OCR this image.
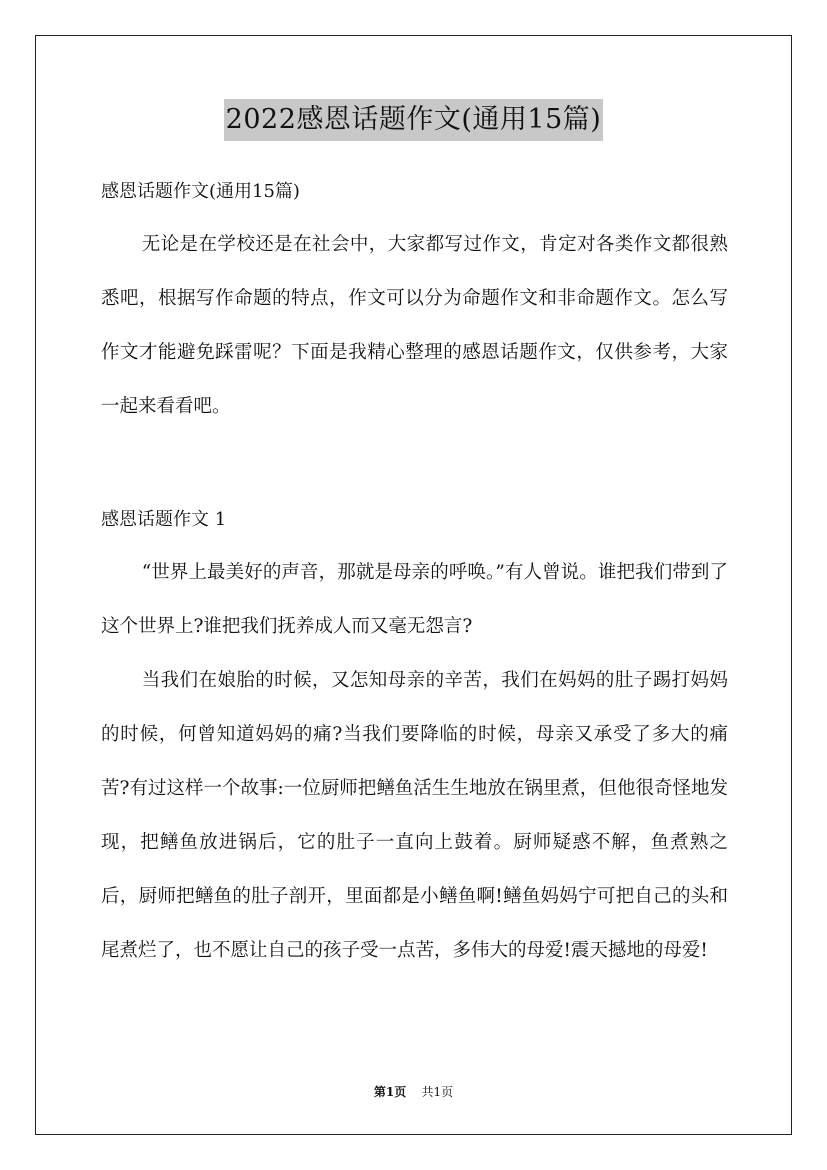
2022感恩话题作文(通用15篇)
感恩话题作文(通用15篇)

无论是在学校还是在社会中，大家都写过作文，肯定对各类作文都很熟悉吧，根据写作命题的特点，作文可以分为命题作文和非命题作文。怎么写作文才能避免踩雷呢？下面是我精心整理的感恩话题作文，仅供参考，大家一起来看看吧。

感恩话题作文 1

“世界上最美好的声音，那就是母亲的呼唤。”有人曾说。谁把我们带到了这个世界上?谁把我们抚养成人而又毫无怨言?

当我们在娘胎的时候，又怎知母亲的辛苦，我们在妈妈的肚子踢打妈妈的时候，何曾知道妈妈的痛?当我们要降临的时候，母亲又承受了多大的痛苦?有过这样一个故事:一位厨师把鳝鱼活生生地放在锅里煮，但他很奇怪地发现，把鳝鱼放进锅后，它的肚子一直向上鼓着。厨师疑惑不解，鱼煮熟之后，厨师把鳝鱼的肚子剖开，里面都是小鳝鱼啊!鳝鱼妈妈宁可把自己的头和尾煮烂了，也不愿让自己的孩子受一点苦，多伟大的母爱!震天撼地的母爱!

第1页 共1页
